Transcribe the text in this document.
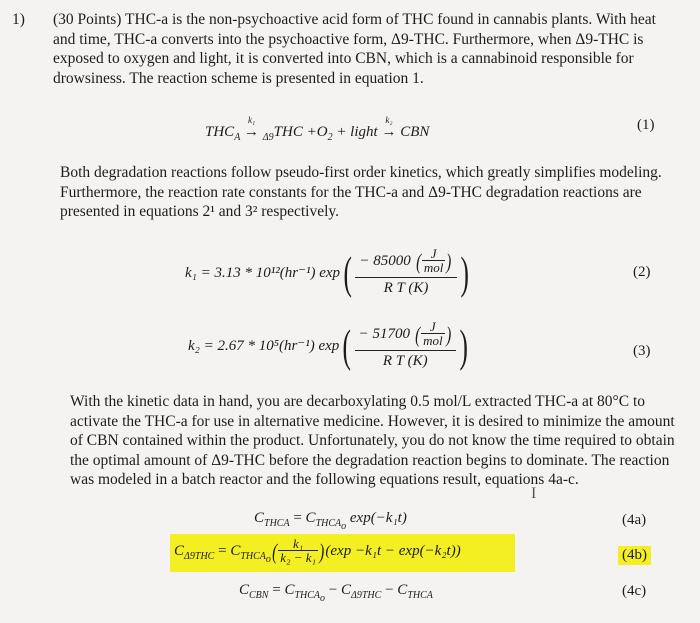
1) (30 Points) THC-a is the non-psychoactive acid form of THC found in cannabis plants. With heat

and time, THC-a converts into the psychoactive form, Δ9-THC. Furthermore, when Δ9-THC is

exposed to oxygen and light, it is converted into CBN, which is a cannabinoid responsible for

drowsiness. The reaction scheme is presented in equation 1.

$THC_A$
k₁
→ $_{\Delta 9}THC +O_2$ + light
k₂
→ CBN	(1)

Both degradation reactions follow pseudo-first order kinetics, which greatly simplifies modeling.

Furthermore, the reaction rate constants for the THC-a and Δ9-THC degradation reactions are

presented in equations 2¹ and 3² respectively.

k₁ = 3.13 * 10¹²(hr⁻¹) $\exp( \frac{- 85000 ( \frac{J}{\text{mol}} )}{\text{R T (K)}}$ )	(2)
k₂ = 2.67 * 10⁵(hr⁻¹) $\exp( \frac{- 51700 ( \frac{J}{\text{mol}} )}{\text{R T (K)}}$ )	(3)

With the kinetic data in hand, you are decarboxylating 0.5 mol/L extracted THC-a at 80°C to

activate the THC-a for use in alternative medicine. However, it is desired to minimize the amount

of CBN contained within the product. Unfortunately, you do not know the time required to obtain

the optimal amount of Δ9-THC before the degradation reaction begins to dominate. The reaction

was modeled in a batch reactor and the following equations result, equations 4a-c.

I
$C_{THCA} = C_{THCA_o}$ exp(−k₁t)	(4a)
$C_{\Delta 9THC} = C_{THCA_o}( \frac{\text{k₁}}{\text{k₂ − k₁}} )(\exp -k_1t - \exp(-k_2t))$	(4b)
$C_{CBN} = C_{THCA_o} - C_{\Delta 9THC} - C_{THCA}$	(4c)
